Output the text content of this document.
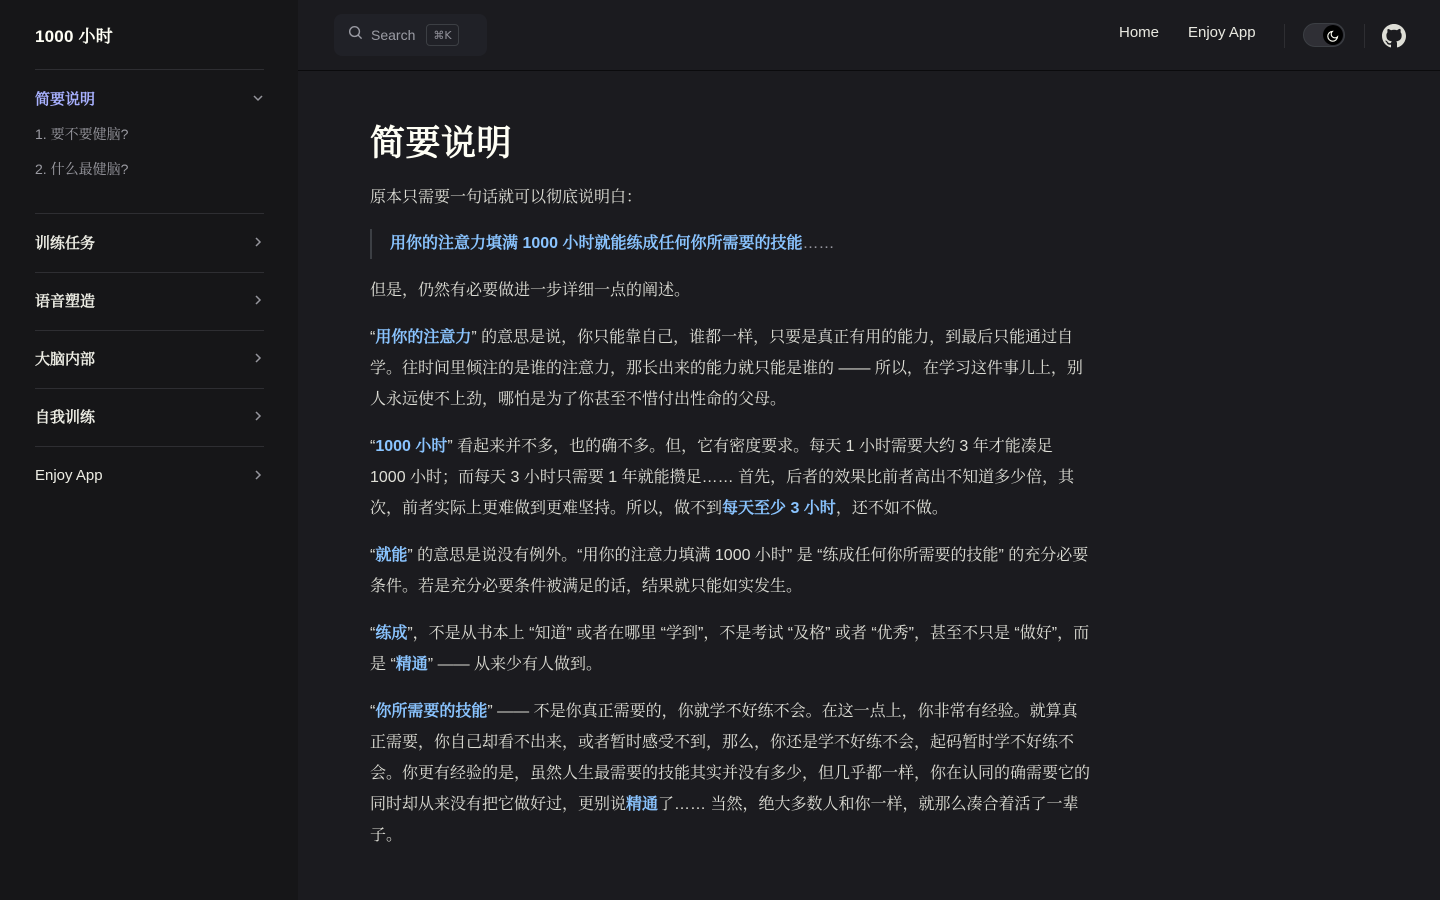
1000 小时
简要说明
1. 要不要健脑?
2. 什么最健脑?
训练任务
语音塑造
大脑内部
自我训练
Enjoy App
Search	⌘K	Home Enjoy App
简要说明

原本只需要一句话就可以彻底说明白：

用你的注意力填满 1000 小时就能练成任何你所需要的技能……

但是，仍然有必要做进一步详细一点的阐述。

“用你的注意力” 的意思是说，你只能靠自己，谁都一样，只要是真正有用的能力，到最后只能通过自学。往时间里倾注的是谁的注意力，那长出来的能力就只能是谁的 —— 所以，在学习这件事儿上，别人永远使不上劲，哪怕是为了你甚至不惜付出性命的父母。

“1000 小时” 看起来并不多，也的确不多。但，它有密度要求。每天 1 小时需要大约 3 年才能凑足 1000 小时；而每天 3 小时只需要 1 年就能攒足…… 首先，后者的效果比前者高出不知道多少倍，其次，前者实际上更难做到更难坚持。所以，做不到每天至少 3 小时，还不如不做。

“就能” 的意思是说没有例外。“用你的注意力填满 1000 小时” 是 “练成任何你所需要的技能” 的充分必要条件。若是充分必要条件被满足的话，结果就只能如实发生。

“练成”，不是从书本上 “知道” 或者在哪里 “学到”，不是考试 “及格” 或者 “优秀”，甚至不只是 “做好”，而是 “精通” —— 从来少有人做到。

“你所需要的技能” —— 不是你真正需要的，你就学不好练不会。在这一点上，你非常有经验。就算真正需要，你自己却看不出来，或者暂时感受不到，那么，你还是学不好练不会，起码暂时学不好练不会。你更有经验的是，虽然人生最需要的技能其实并没有多少，但几乎都一样，你在认同的确需要它的同时却从来没有把它做好过，更别说精通了…… 当然，绝大多数人和你一样，就那么凑合着活了一辈子。
